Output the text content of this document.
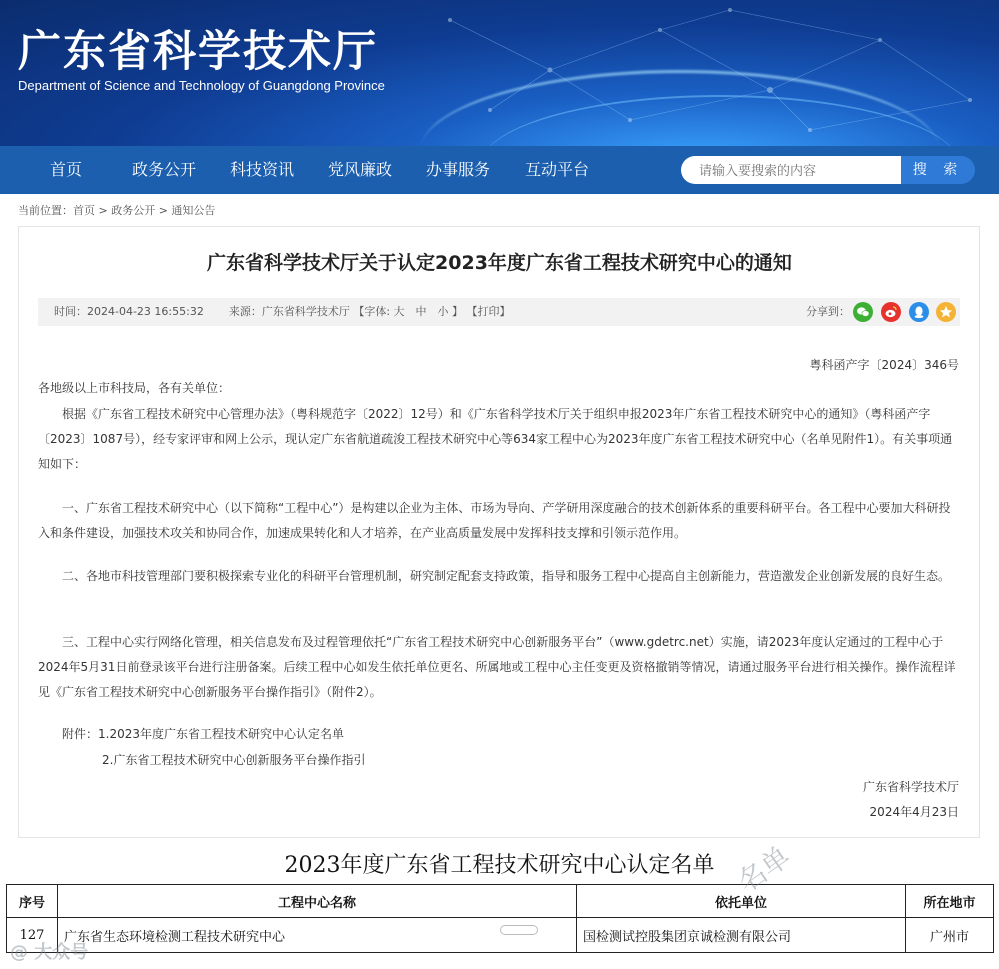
广东省科学技术厅
Department of Science and Technology of Guangdong Province
首页	政务公开 科技资讯 党风廉政 办事服务 互动平台
请输入要搜索的内容	搜 索
当前位置：首页 > 政务公开 > 通知公告
广东省科学技术厅关于认定2023年度广东省工程技术研究中心的通知
时间：2024-04-23 16:55:32 来源：广东省科学技术厅 【字体: 大　中　小 】 【打印】	分享到：
粤科函产字〔2024〕346号
各地级以上市科技局，各有关单位：
根据《广东省工程技术研究中心管理办法》（粤科规范字〔2022〕12号）和《广东省科学技术厅关于组织申报2023年广东省工程技术研究中心的通知》（粤科函产字〔2023〕1087号），经专家评审和网上公示，现认定广东省航道疏浚工程技术研究中心等634家工程中心为2023年度广东省工程技术研究中心（名单见附件1）。有关事项通知如下：
一、广东省工程技术研究中心（以下简称“工程中心”）是构建以企业为主体、市场为导向、产学研用深度融合的技术创新体系的重要科研平台。各工程中心要加大科研投入和条件建设，加强技术攻关和协同合作，加速成果转化和人才培养，在产业高质量发展中发挥科技支撑和引领示范作用。
二、各地市科技管理部门要积极探索专业化的科研平台管理机制，研究制定配套支持政策，指导和服务工程中心提高自主创新能力，营造激发企业创新发展的良好生态。
三、工程中心实行网络化管理，相关信息发布及过程管理依托“广东省工程技术研究中心创新服务平台”（www.gdetrc.net）实施，请2023年度认定通过的工程中心于2024年5月31日前登录该平台进行注册备案。后续工程中心如发生依托单位更名、所属地或工程中心主任变更及资格撤销等情况，请通过服务平台进行相关操作。操作流程详见《广东省工程技术研究中心创新服务平台操作指引》（附件2）。
附件：1.2023年度广东省工程技术研究中心认定名单
2.广东省工程技术研究中心创新服务平台操作指引
广东省科学技术厅
2024年4月23日
2023年度广东省工程技术研究中心认定名单
序号	工程中心名称	依托单位	所在地市
127	广东省生态环境检测工程技术研究中心	国检测试控股集团京诚检测有限公司	广州市
@ 大众号
名单
